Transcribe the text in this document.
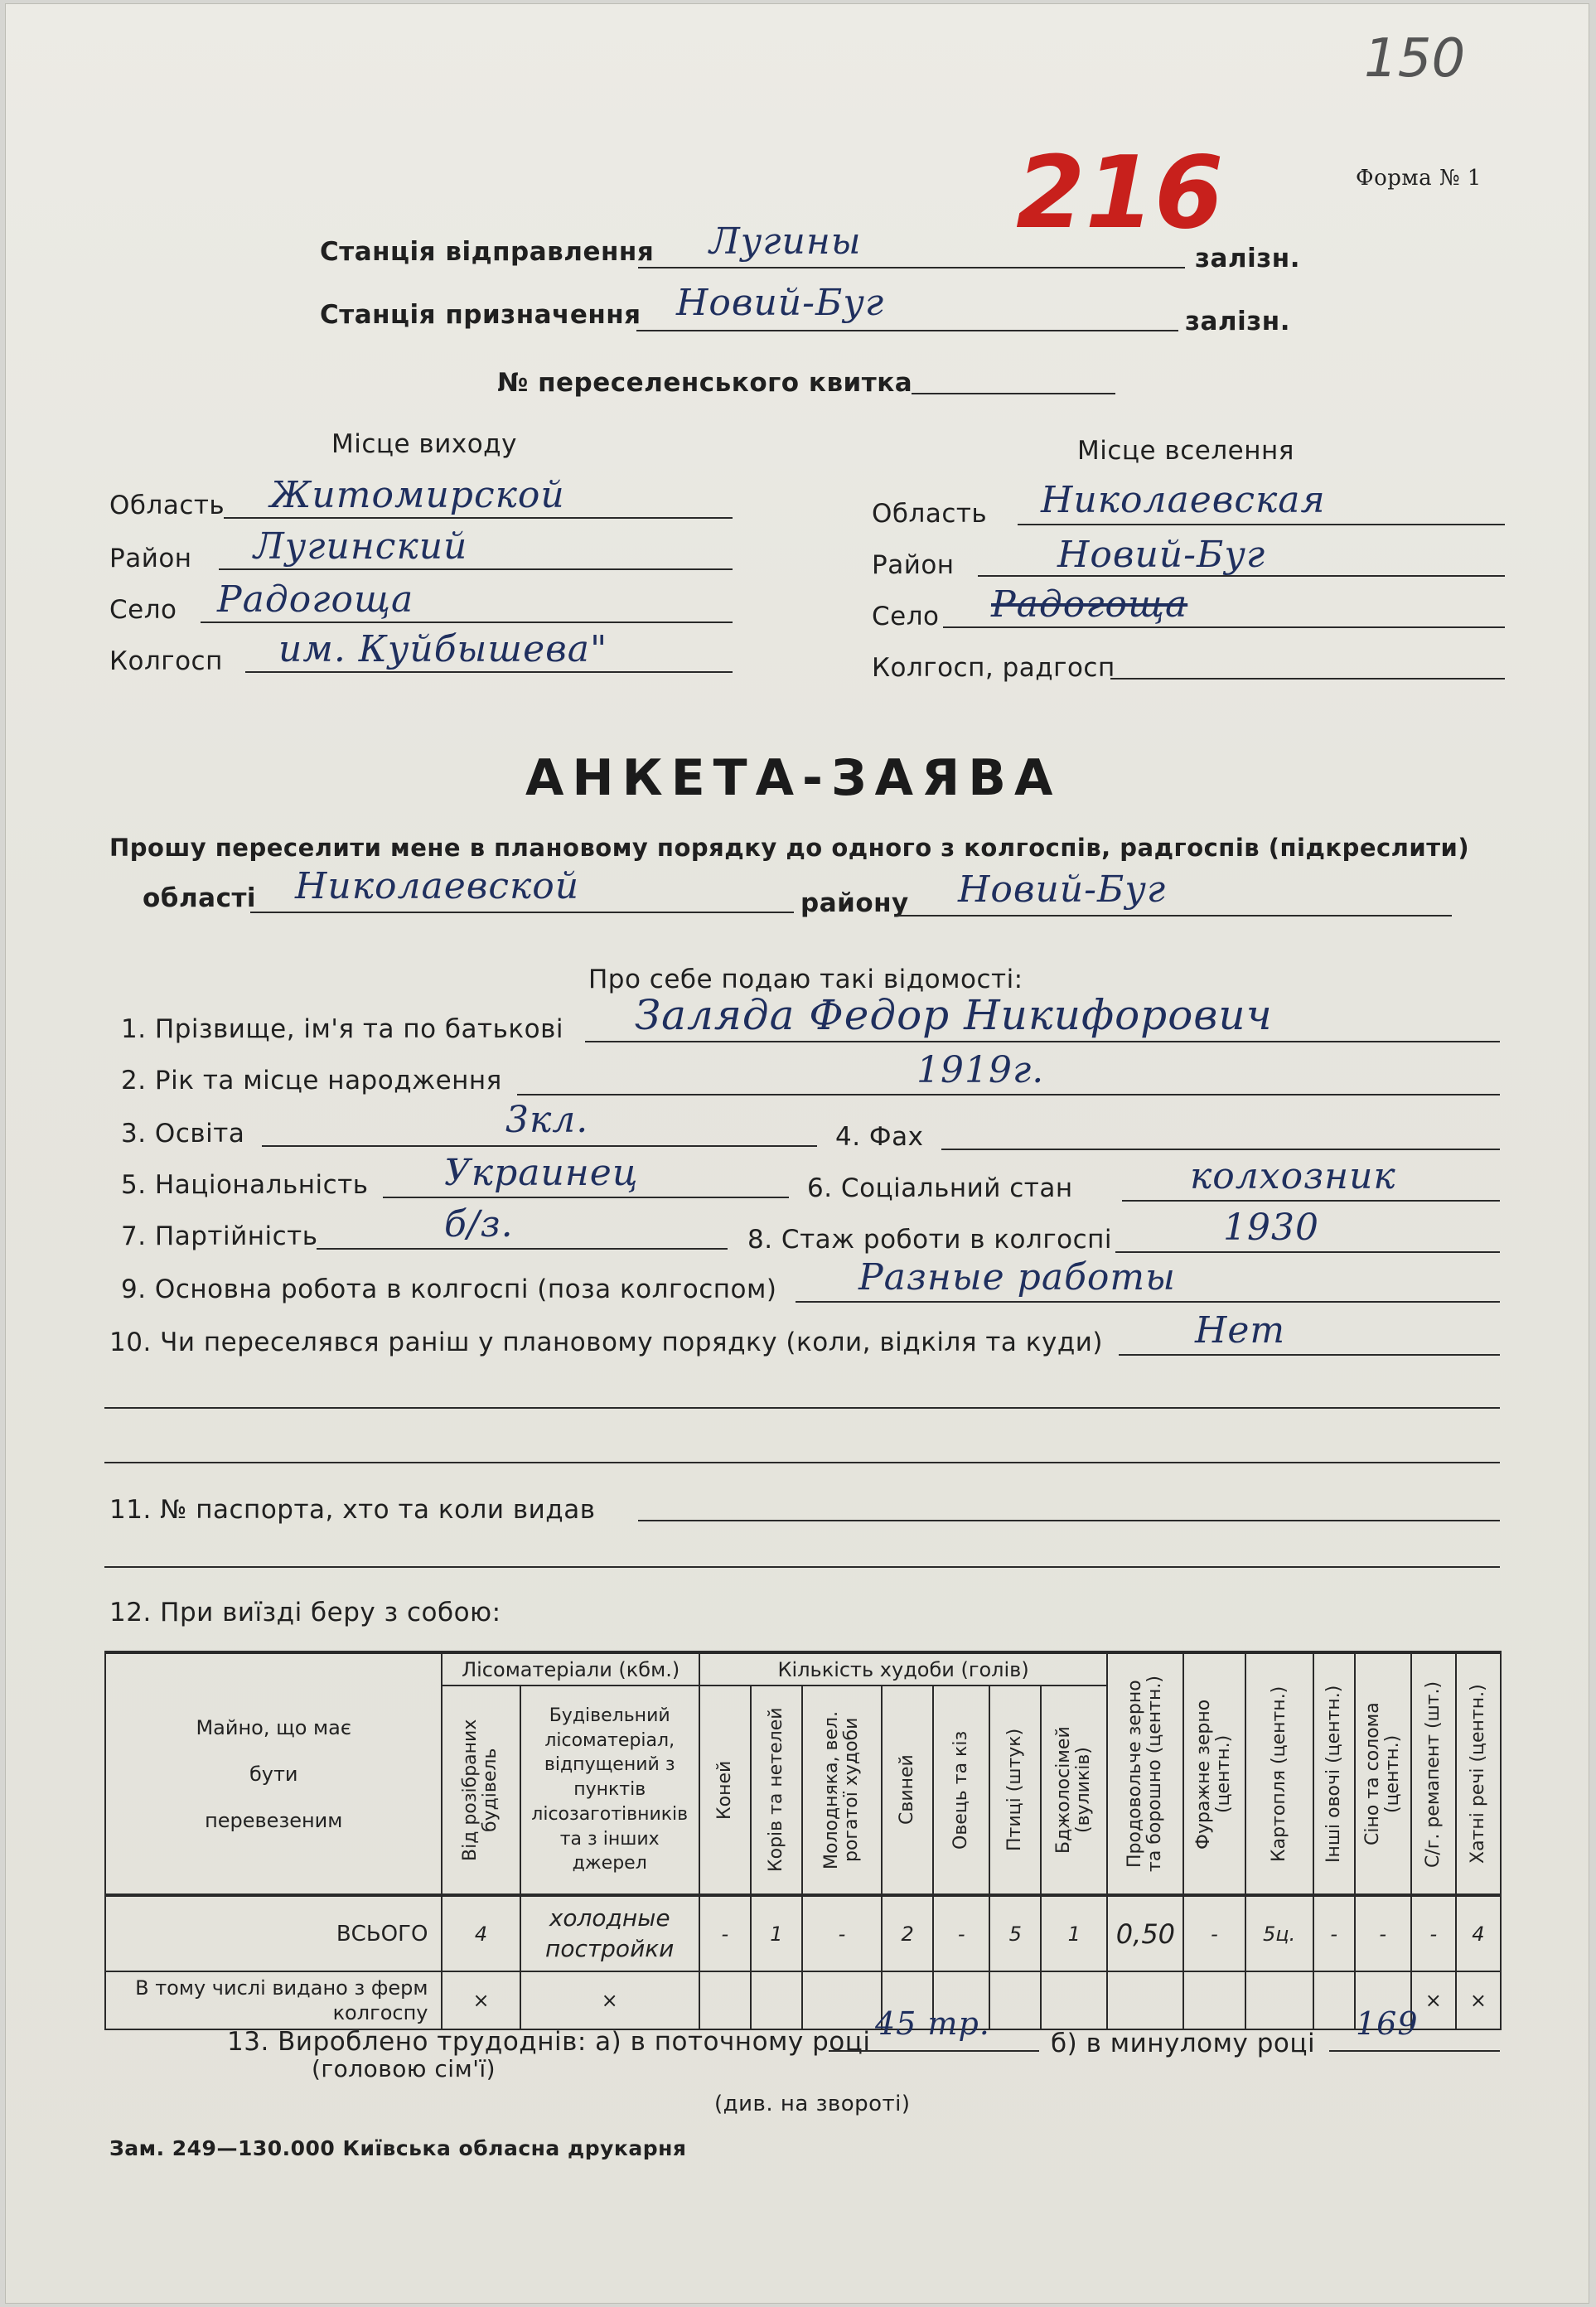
150
Форма № 1
216
Станція відправлення Лугины	залізн.
Станція призначення Новий-Буг	залізн.
№ переселенського квитка
Місце виходу
Область Житомирской
Район Лугинский
Село Радогоща
Колгосп им. Куйбышева"
Місце вселення
Область Николаевская
Район	Новий-Буг
Село Радогоща
Колгосп, радгосп
АНКЕТА-ЗАЯВА
Прошу переселити мене в плановому порядку до одного з колгоспів, радгоспів (підкреслити)
області Николаевской	району Новий-Буг
Про себе подаю такі відомості:
1. Прізвище, ім'я та по батькові Заляда Федор Никифорович
2. Рік та місце народження	1919г.
3. Освіта	3кл.	4. Фах
5. Національність Украинец	6. Соціальний стан	колхозник
7. Партійність	б/з.	8. Стаж роботи в колгоспі	1930
9. Основна робота в колгоспі (поза колгоспом) Разные работы
10. Чи переселявся раніш у плановому порядку (коли, відкіля та куди)	Нет
11. № паспорта, хто та коли видав
12. При виїзді беру з собою:
Майно, що має бути перевезеним	Лісоматеріали (кбм.)		Кількість худоби (голів)							Продовольче зерно та борошно (центн.)	Фуражне зерно (центн.)	Картопля (центн.)	Інші овочі (центн.)	Сіно та солома (центн.)	С/г. ремапент (шт.)	Хатні речі (центн.)

	Від розібраних будівель	Будівельний лісоматеріал, відпущений з пунктів лісозаготівників та з інших джерел	Коней	Корів та нетелей	Молодняка, вел. рогатої худоби	Свиней	Овець та кіз	Птиці (штук)	Бджолосімей (вуликів)							

ВСЬОГО	4	холодные постройки	-	1	-	2	-	5	1	0,50	-	5ц.	-	-	-	4
В тому числі видано з ферм колгоспу	×	×													×	×
13. Вироблено трудоднів: а) в поточному році
(головою сім'ї)
45 тр.
б) в минулому році
169
(див. на звороті)
Зам. 249—130.000 Київська обласна друкарня
